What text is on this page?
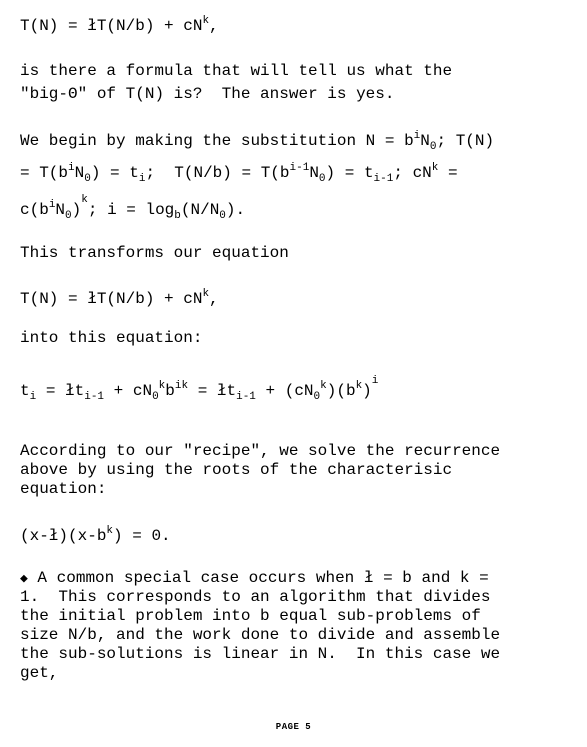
T(N) = łT(N/b) + $cN^k$,
is there a formula that will tell us what the
"big-Θ" of T(N) is?  The answer is yes.
We begin by making the substitution $N = b^iN_0$; T(N)
= $T(b^iN_0) = t_i$;  $T(N/b) = T(b^{i-1}N_0) = t_{i-1}$; $cN^k$ =
$c(b^iN_0)^k$; $i = \log_b(N/N_0)$.
This transforms our equation
T(N) = łT(N/b) + $cN^k$,
into this equation:
$t_i$ = $łt_{i-1} + cN_0^kb^{ik}$ = $łt_{i-1} + (cN_0^k)(b^k)^i$
According to our "recipe", we solve the recurrence
above by using the roots of the characterisic
equation:
$(x-ł)(x-b^k) = 0$.
◆ A common special case occurs when ł = b and k =
1.  This corresponds to an algorithm that divides
the initial problem into b equal sub-problems of
size N/b, and the work done to divide and assemble
the sub-solutions is linear in N.  In this case we
get,
PAGE 5
